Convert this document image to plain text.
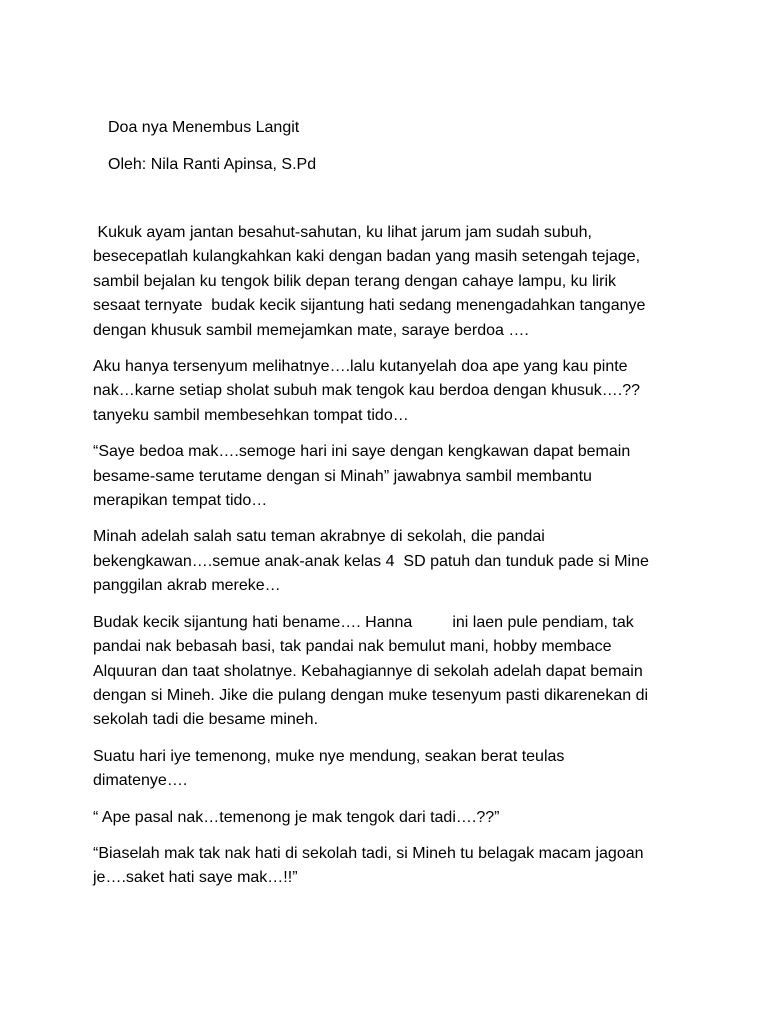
Doa nya Menembus Langit
Oleh: Nila Ranti Apinsa, S.Pd

Kukuk ayam jantan besahut-sahutan, ku lihat jarum jam sudah subuh,
besecepatlah kulangkahkan kaki dengan badan yang masih setengah tejage,
sambil bejalan ku tengok bilik depan terang dengan cahaye lampu, ku lirik
sesaat ternyate  budak kecik sijantung hati sedang menengadahkan tanganye
dengan khusuk sambil memejamkan mate, saraye berdoa ….

Aku hanya tersenyum melihatnye….lalu kutanyelah doa ape yang kau pinte
nak…karne setiap sholat subuh mak tengok kau berdoa dengan khusuk….??
tanyeku sambil membesehkan tompat tido…

“Saye bedoa mak….semoge hari ini saye dengan kengkawan dapat bemain
besame-same terutame dengan si Minah” jawabnya sambil membantu
merapikan tempat tido…

Minah adelah salah satu teman akrabnye di sekolah, die pandai
bekengkawan….semue anak-anak kelas 4  SD patuh dan tunduk pade si Mine
panggilan akrab mereke…

Budak kecik sijantung hati bename…. Hanna         ini laen pule pendiam, tak
pandai nak bebasah basi, tak pandai nak bemulut mani, hobby membace
Alquuran dan taat sholatnye. Kebahagiannye di sekolah adelah dapat bemain
dengan si Mineh. Jike die pulang dengan muke tesenyum pasti dikarenekan di
sekolah tadi die besame mineh.

Suatu hari iye temenong, muke nye mendung, seakan berat teulas
dimatenye….

“ Ape pasal nak…temenong je mak tengok dari tadi….??”

“Biaselah mak tak nak hati di sekolah tadi, si Mineh tu belagak macam jagoan
je….saket hati saye mak…!!”
